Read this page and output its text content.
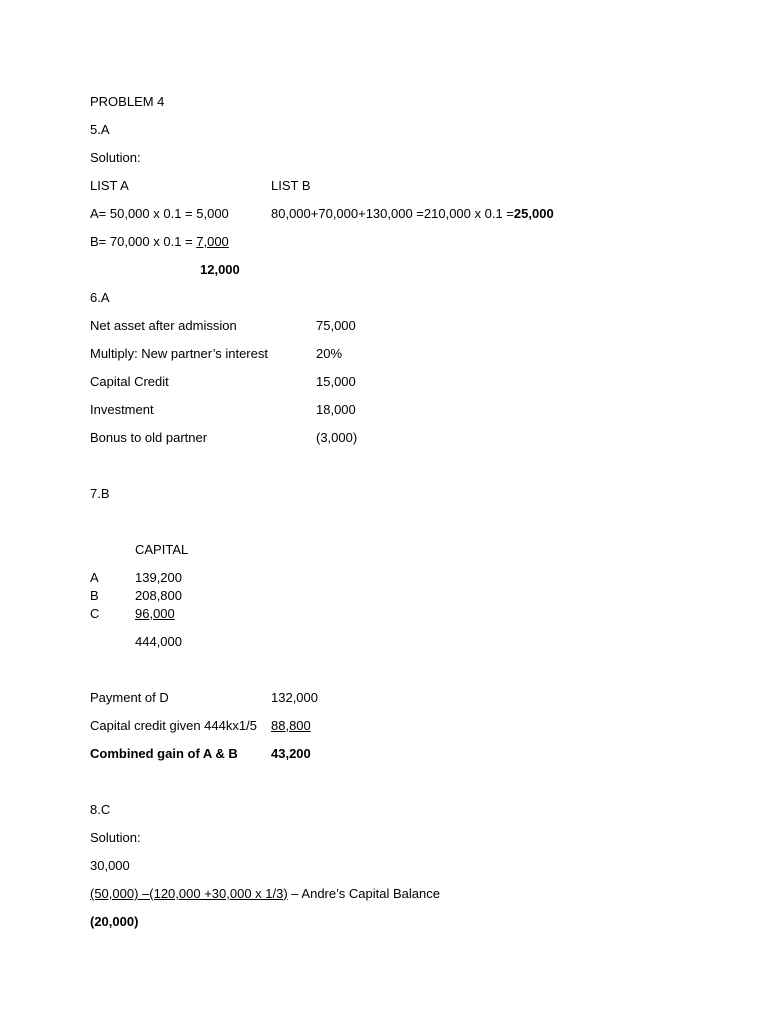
PROBLEM 4
5.A
Solution:
LIST A	LIST B
A= 50,000 x 0.1 = 5,000	80,000+70,000+130,000 =210,000 x 0.1 =25,000
B= 70,000 x 0.1 = 7,000
12,000
6.A
Net asset after admission	75,000
Multiply: New partner’s interest	20%
Capital Credit	15,000
Investment	18,000
Bonus to old partner	(3,000)
7.B
CAPITAL
A	139,200
B	208,800
C	96,000
444,000
Payment of D	132,000
Capital credit given 444kx1/5 88,800
Combined gain of A & B	43,200
8.C
Solution:
30,000
(50,000) –(120,000 +30,000 x 1/3) – Andre’s Capital Balance
(20,000)
